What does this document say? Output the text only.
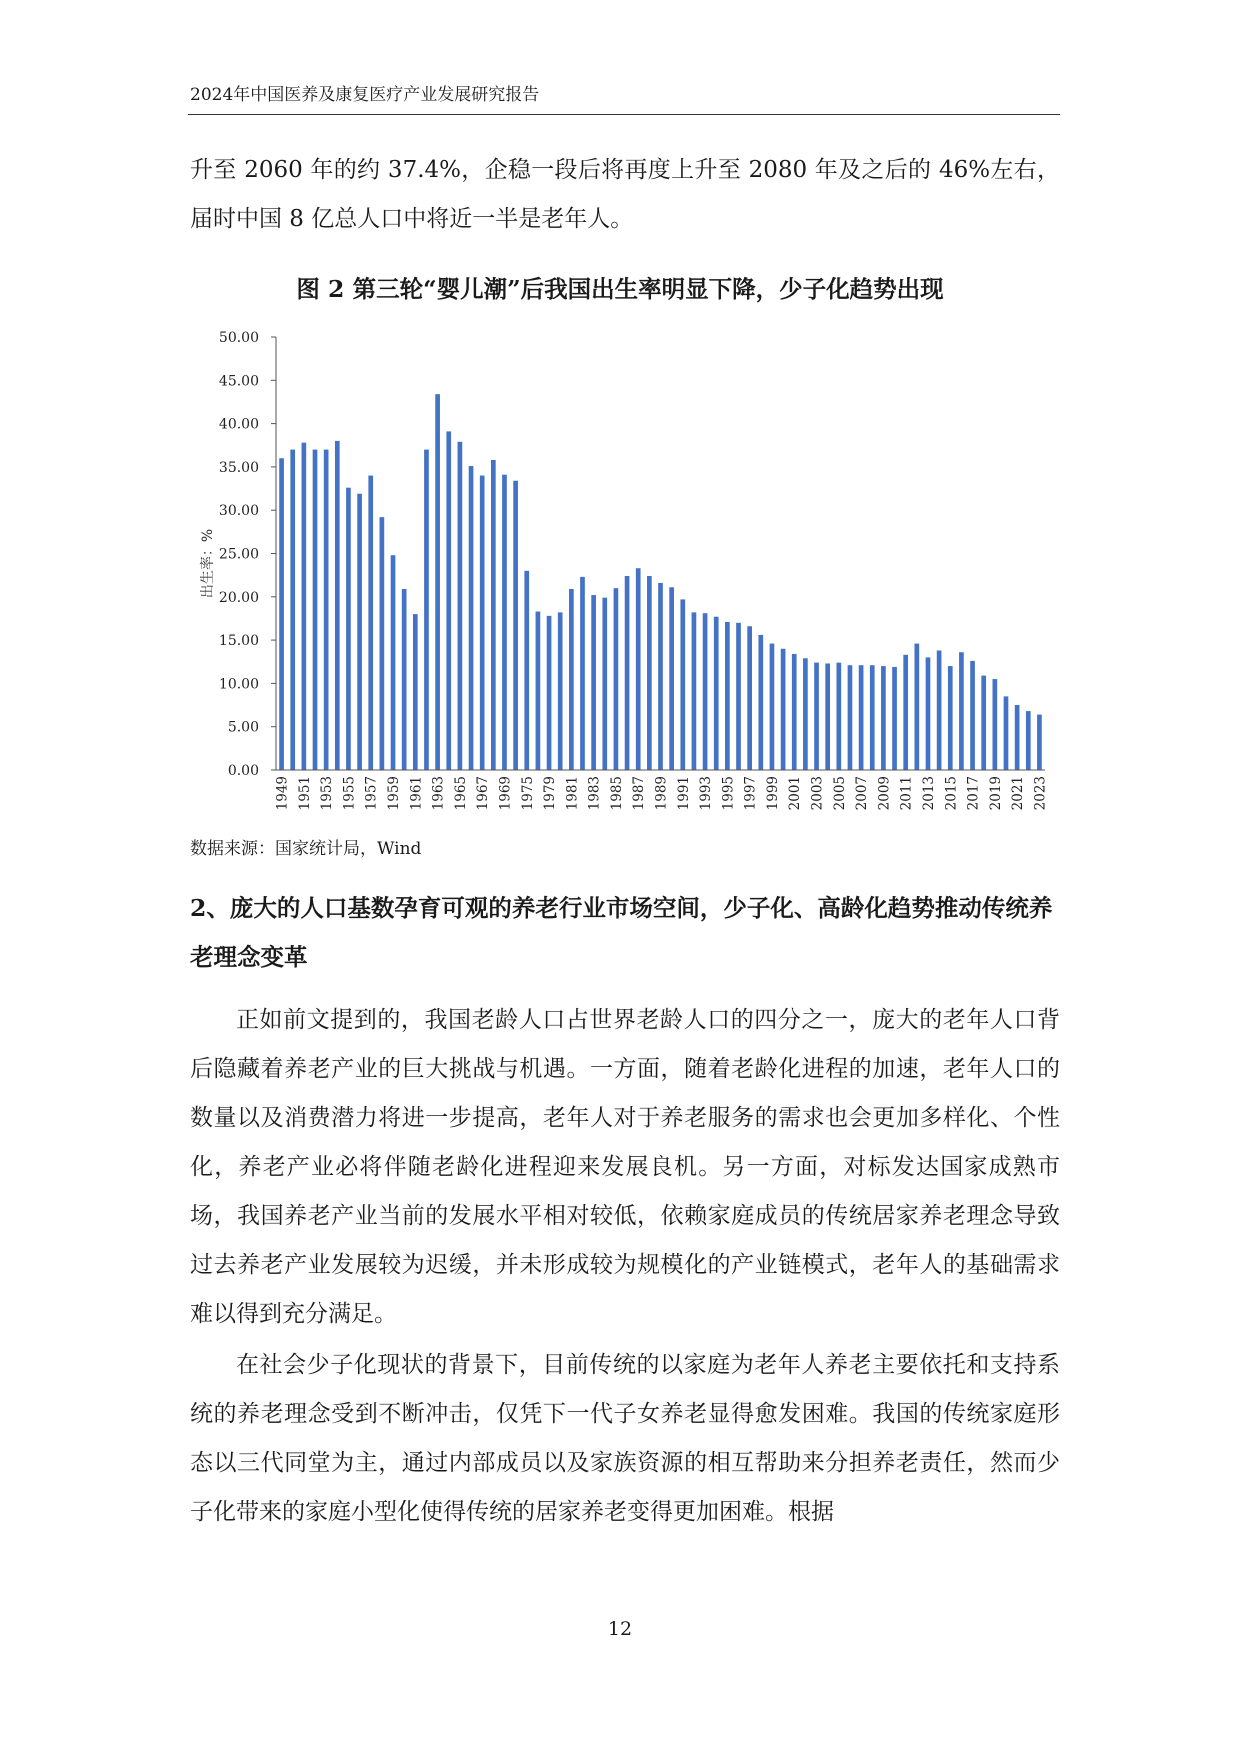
2024年中国医养及康复医疗产业发展研究报告

升至 2060 年的约 37.4%，企稳一段后将再度上升至 2080 年及之后的 46%左右，届时中国 8 亿总人口中将近一半是老年人。

图 2 第三轮“婴儿潮”后我国出生率明显下降，少子化趋势出现
0.00
5.00
10.00
15.00
20.00
25.00
30.00
35.00
40.00
45.00
50.00
1949 1951 1953 1955 1957 1959 1961 1963 1965 1967 1969 1975 1979 1981 1983 1985 1987 1989 1991 1993 1995 1997 1999 2001 2003 2005 2007 2009 2011 2013 2015 2017 2019 2021 2023
出生率：%
数据来源：国家统计局，Wind
2、庞大的人口基数孕育可观的养老行业市场空间，少子化、高龄化趋势推动传统养老理念变革

正如前文提到的，我国老龄人口占世界老龄人口的四分之一，庞大的老年人口背后隐藏着养老产业的巨大挑战与机遇。一方面，随着老龄化进程的加速，老年人口的数量以及消费潜力将进一步提高，老年人对于养老服务的需求也会更加多样化、个性化，养老产业必将伴随老龄化进程迎来发展良机。另一方面，对标发达国家成熟市场，我国养老产业当前的发展水平相对较低，依赖家庭成员的传统居家养老理念导致过去养老产业发展较为迟缓，并未形成较为规模化的产业链模式，老年人的基础需求难以得到充分满足。

在社会少子化现状的背景下，目前传统的以家庭为老年人养老主要依托和支持系统的养老理念受到不断冲击，仅凭下一代子女养老显得愈发困难。我国的传统家庭形态以三代同堂为主，通过内部成员以及家族资源的相互帮助来分担养老责任，然而少子化带来的家庭小型化使得传统的居家养老变得更加困难。根据

12
